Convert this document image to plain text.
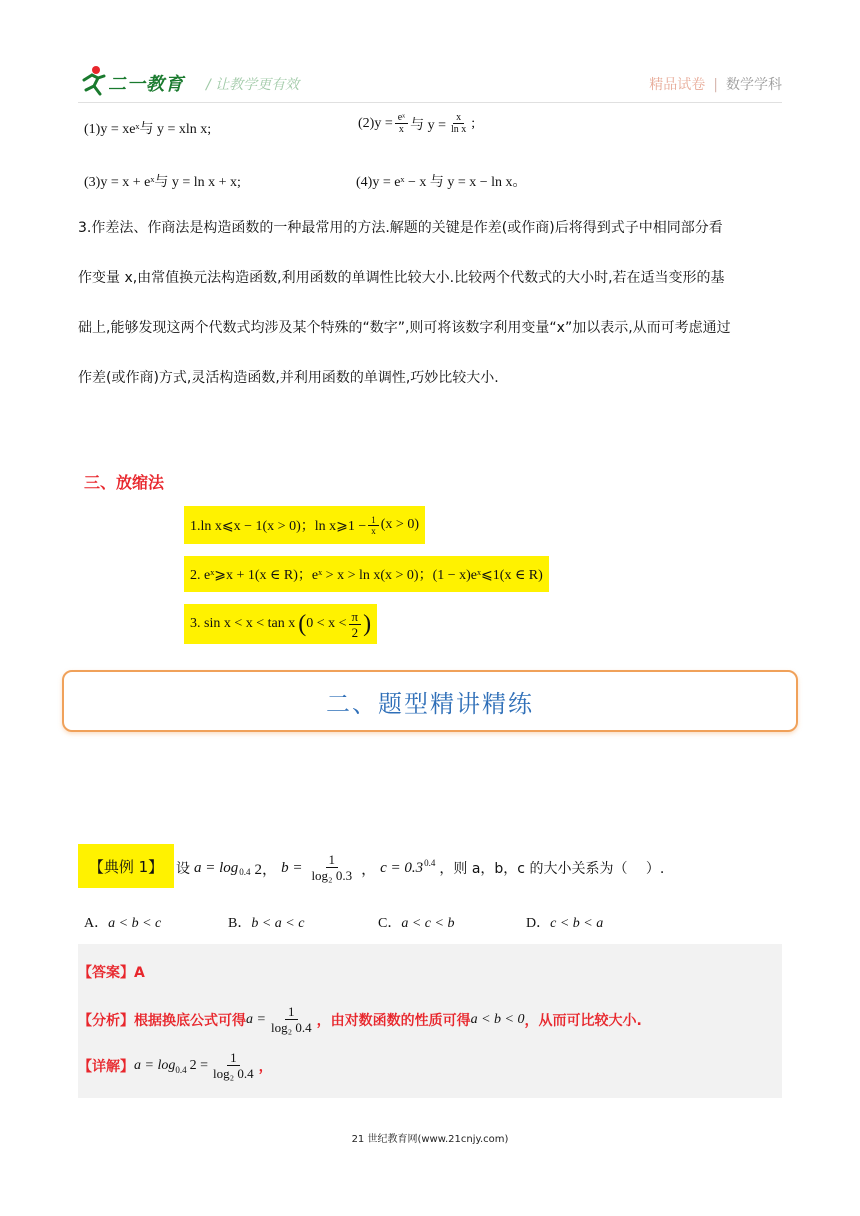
二一教育 / 让教学更有效	精品试卷 | 数学学科
(1)y = xeˣ与 y = xln x;	$(2)y = \frac{\text{eˣ}}{x}$ 与 $y = \frac{x}{\text{ln x}}$ ;
(3)y = x + eˣ与 y = ln x + x;	(4)y = eˣ − x 与 y = x − ln x。
3.作差法、作商法是构造函数的一种最常用的方法.解题的关键是作差(或作商)后将得到式子中相同部分看
作变量 x,由常值换元法构造函数,利用函数的单调性比较大小.比较两个代数式的大小时,若在适当变形的基
础上,能够发现这两个代数式均涉及某个特殊的“数字”,则可将该数字利用变量“x”加以表示,从而可考虑通过
作差(或作商)方式,灵活构造函数,并利用函数的单调性,巧妙比较大小.
三、放缩法
1.ln x⩽x − 1(x > 0)；ln x⩾1 − $\frac{1}{x} (x > 0)$
2. eˣ⩾x + 1(x ∈ R)；eˣ > x > ln x(x > 0)；(1 − x)eˣ⩽1(x ∈ R)
3. sin x < x < tan x ( $0 < x < \frac{\pi}{2}$ )
二、题型精讲精练
【典例 1】 设 $a = \log_{0.4} 2$， $b = \frac{1}{\text{log₂ 0.3}}$ ， $c = 0.3^{0.4}$ ，则 a，b，c 的大小关系为（　 ）.
A．a < b < c	B．b < a < c	C．a < c < b	D．c < b < a
【答案】A
【分析】根据换底公式可得 $a = \frac{1}{\text{log₂ 0.4}}$ ，由对数函数的性质可得 a < b < 0 ，从而可比较大小.
【详解】 $a = \log_{0.4} 2 = \frac{1}{\text{log₂ 0.4}}$ ，
21 世纪教育网(www.21cnjy.com)
